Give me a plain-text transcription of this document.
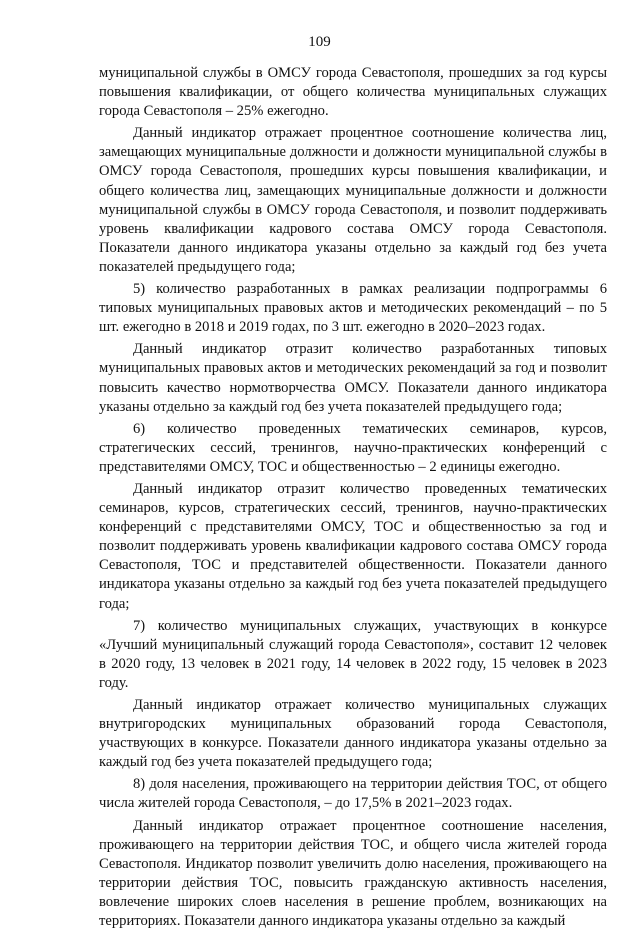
109

муниципальной службы в ОМСУ города Севастополя, прошедших за год курсы повышения квалификации, от общего количества муниципальных служащих города Севастополя – 25% ежегодно.

Данный индикатор отражает процентное соотношение количества лиц, замещающих муниципальные должности и должности муниципальной службы в ОМСУ города Севастополя, прошедших курсы повышения квалификации, и общего количества лиц, замещающих муниципальные должности и должности муниципальной службы в ОМСУ города Севастополя, и позволит поддерживать уровень квалификации кадрового состава ОМСУ города Севастополя. Показатели данного индикатора указаны отдельно за каждый год без учета показателей предыдущего года;

5) количество разработанных в рамках реализации подпрограммы 6 типовых муниципальных правовых актов и методических рекомендаций – по 5 шт. ежегодно в 2018 и 2019 годах, по 3 шт. ежегодно в 2020–2023 годах.

Данный индикатор отразит количество разработанных типовых муниципальных правовых актов и методических рекомендаций за год и позволит повысить качество нормотворчества ОМСУ. Показатели данного индикатора указаны отдельно за каждый год без учета показателей предыдущего года;

6) количество проведенных тематических семинаров, курсов, стратегических сессий, тренингов, научно-практических конференций с представителями ОМСУ, ТОС и общественностью – 2 единицы ежегодно.

Данный индикатор отразит количество проведенных тематических семинаров, курсов, стратегических сессий, тренингов, научно-практических конференций с представителями ОМСУ, ТОС и общественностью за год и позволит поддерживать уровень квалификации кадрового состава ОМСУ города Севастополя, ТОС и представителей общественности. Показатели данного индикатора указаны отдельно за каждый год без учета показателей предыдущего года;

7) количество муниципальных служащих, участвующих в конкурсе «Лучший муниципальный служащий города Севастополя», составит 12 человек в 2020 году, 13 человек в 2021 году, 14 человек в 2022 году, 15 человек в 2023 году.

Данный индикатор отражает количество муниципальных служащих внутригородских муниципальных образований города Севастополя, участвующих в конкурсе. Показатели данного индикатора указаны отдельно за каждый год без учета показателей предыдущего года;

8) доля населения, проживающего на территории действия ТОС, от общего числа жителей города Севастополя, – до 17,5% в 2021–2023 годах.

Данный индикатор отражает процентное соотношение населения, проживающего на территории действия ТОС, и общего числа жителей города Севастополя. Индикатор позволит увеличить долю населения, проживающего на территории действия ТОС, повысить гражданскую активность населения, вовлечение широких слоев населения в решение проблем, возникающих на территориях. Показатели данного индикатора указаны отдельно за каждый
